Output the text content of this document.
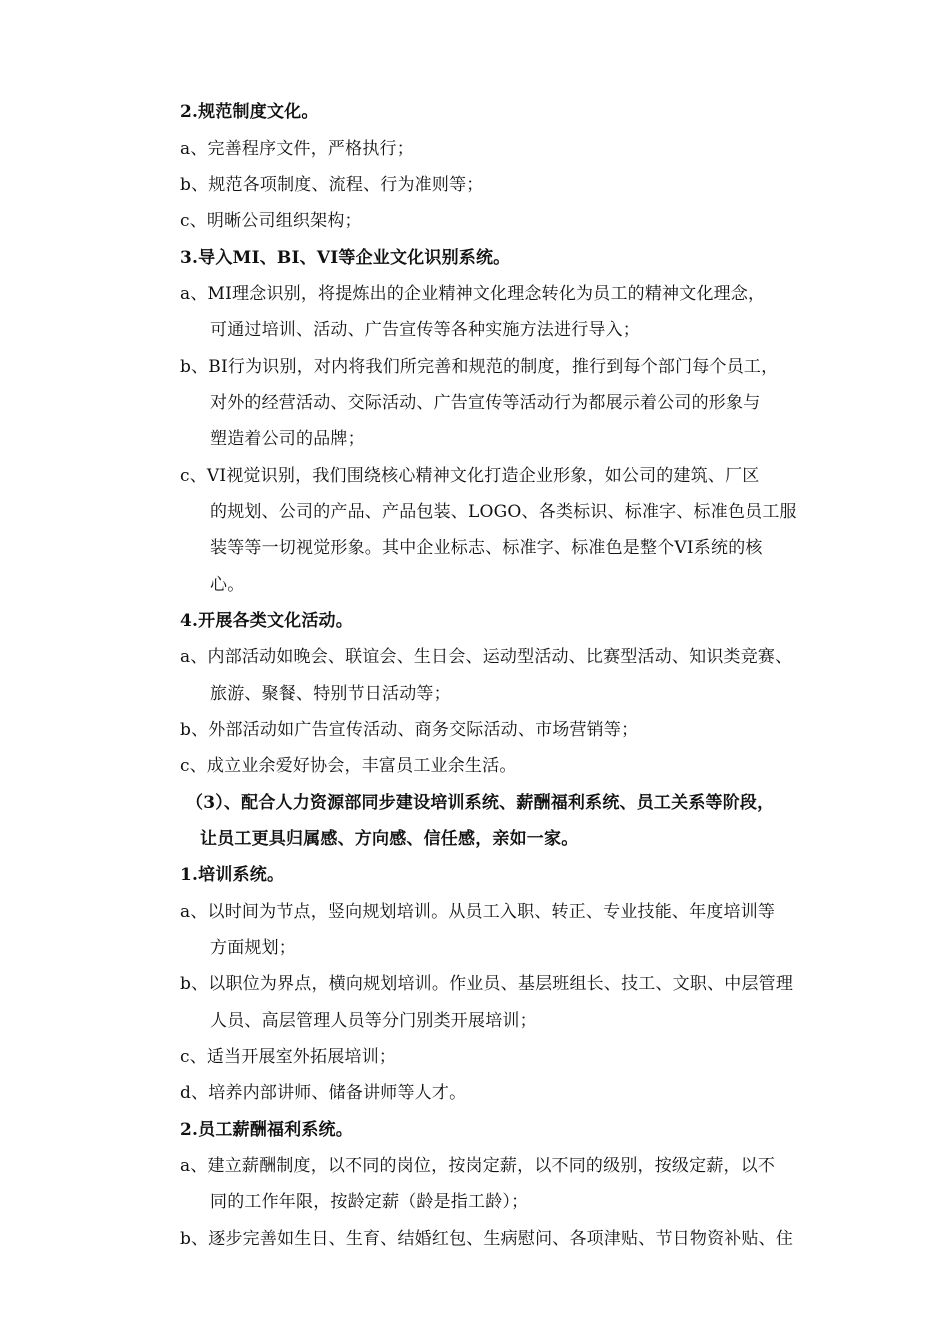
2.规范制度文化。
a、完善程序文件，严格执行；
b、规范各项制度、流程、行为准则等；
c、明晰公司组织架构；
3.导入MI、BI、VI等企业文化识别系统。
a、MI理念识别，将提炼出的企业精神文化理念转化为员工的精神文化理念，
可通过培训、活动、广告宣传等各种实施方法进行导入；
b、BI行为识别，对内将我们所完善和规范的制度，推行到每个部门每个员工，
对外的经营活动、交际活动、广告宣传等活动行为都展示着公司的形象与
塑造着公司的品牌；
c、VI视觉识别，我们围绕核心精神文化打造企业形象，如公司的建筑、厂区
的规划、公司的产品、产品包装、LOGO、各类标识、标准字、标准色员工服
装等等一切视觉形象。其中企业标志、标准字、标准色是整个VI系统的核
心。
4.开展各类文化活动。
a、内部活动如晚会、联谊会、生日会、运动型活动、比赛型活动、知识类竞赛、
旅游、聚餐、特别节日活动等；
b、外部活动如广告宣传活动、商务交际活动、市场营销等；
c、成立业余爱好协会，丰富员工业余生活。
（3）、配合人力资源部同步建设培训系统、薪酬福利系统、员工关系等阶段，
让员工更具归属感、方向感、信任感，亲如一家。
1.培训系统。
a、以时间为节点，竖向规划培训。从员工入职、转正、专业技能、年度培训等
方面规划；
b、以职位为界点，横向规划培训。作业员、基层班组长、技工、文职、中层管理
人员、高层管理人员等分门别类开展培训；
c、适当开展室外拓展培训；
d、培养内部讲师、储备讲师等人才。
2.员工薪酬福利系统。
a、建立薪酬制度，以不同的岗位，按岗定薪，以不同的级别，按级定薪，以不
同的工作年限，按龄定薪（龄是指工龄）；
b、逐步完善如生日、生育、结婚红包、生病慰问、各项津贴、节日物资补贴、住
